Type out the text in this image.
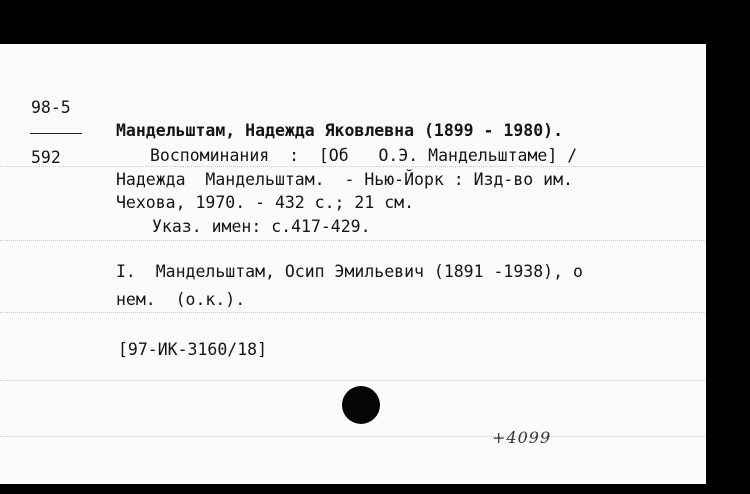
98-5
592
Мандельштам, Надежда Яковлевна (1899 - 1980).
Воспоминания  :  [Об   О.Э. Мандельштаме] /
Надежда  Мандельштам.  - Нью-Йорк : Изд-во им.
Чехова, 1970. - 432 с.; 21 см.
Указ. имен: с.417-429.
I.  Мандельштам, Осип Эмильевич (1891 -1938), о
нем.  (о.к.).
[97-ИК-3160/18]
+4099
